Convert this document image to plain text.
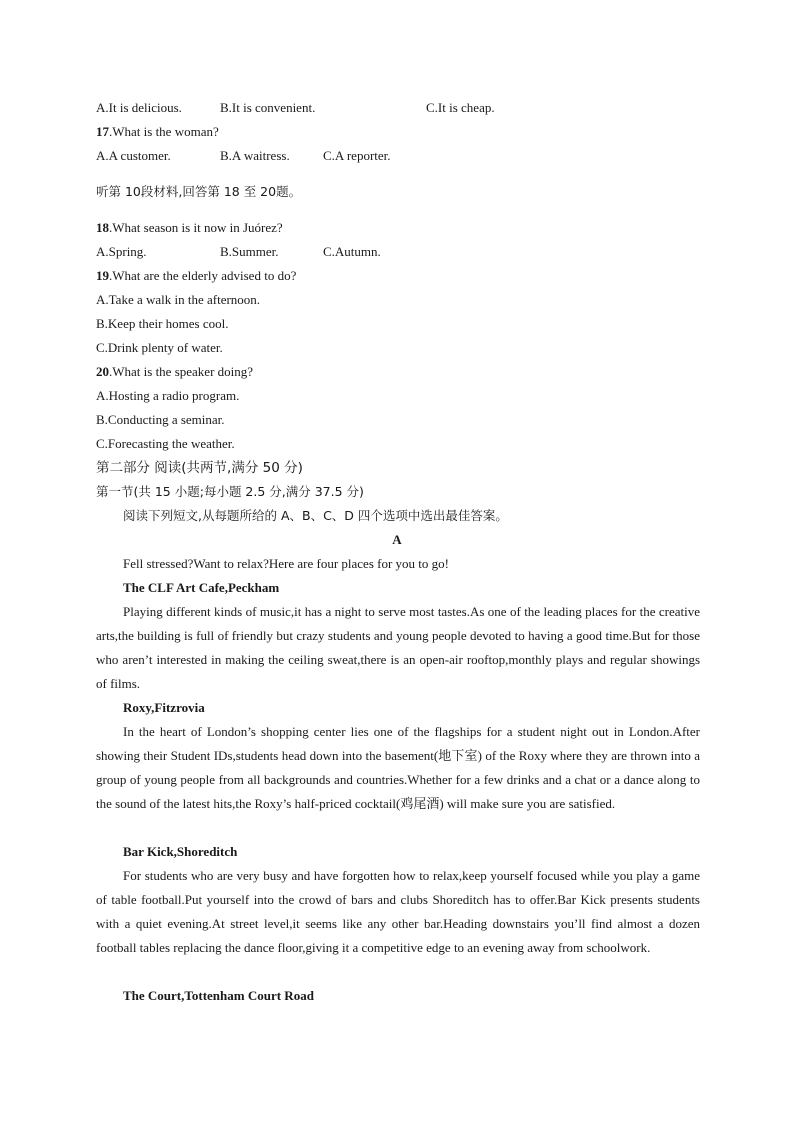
A.It is delicious.	B.It is convenient.	C.It is cheap.
17.What is the woman?
A.A customer.	B.A waitress.	C.A reporter.
听第 10段材料,回答第 18 至 20题。
18.What season is it now in Juórez?
A.Spring.	B.Summer.	C.Autumn.
19.What are the elderly advised to do?
A.Take a walk in the afternoon.
B.Keep their homes cool.
C.Drink plenty of water.
20.What is the speaker doing?
A.Hosting a radio program.
B.Conducting a seminar.
C.Forecasting the weather.
第二部分 阅读(共两节,满分 50 分)
第一节(共 15 小题;每小题 2.5 分,满分 37.5 分)
阅读下列短文,从每题所给的 A、B、C、D 四个选项中选出最佳答案。
A
Fell stressed?Want to relax?Here are four places for you to go!
The CLF Art Cafe,Peckham
Playing different kinds of music,it has a night to serve most tastes.As one of the leading places for the creative arts,the building is full of friendly but crazy students and young people devoted to having a good time.But for those who aren’t interested in making the ceiling sweat,there is an open-air rooftop,monthly plays and regular showings of films.
Roxy,Fitzrovia
In the heart of London’s shopping center lies one of the flagships for a student night out in London.After showing their Student IDs,students head down into the basement(地下室) of the Roxy where they are thrown into a group of young people from all backgrounds and countries.Whether for a few drinks and a chat or a dance along to the sound of the latest hits,the Roxy’s half-priced cocktail(鸡尾酒) will make sure you are satisfied.
Bar Kick,Shoreditch
For students who are very busy and have forgotten how to relax,keep yourself focused while you play a game of table football.Put yourself into the crowd of bars and clubs Shoreditch has to offer.Bar Kick presents students with a quiet evening.At street level,it seems like any other bar.Heading downstairs you’ll find almost a dozen football tables replacing the dance floor,giving it a competitive edge to an evening away from schoolwork.
The Court,Tottenham Court Road
